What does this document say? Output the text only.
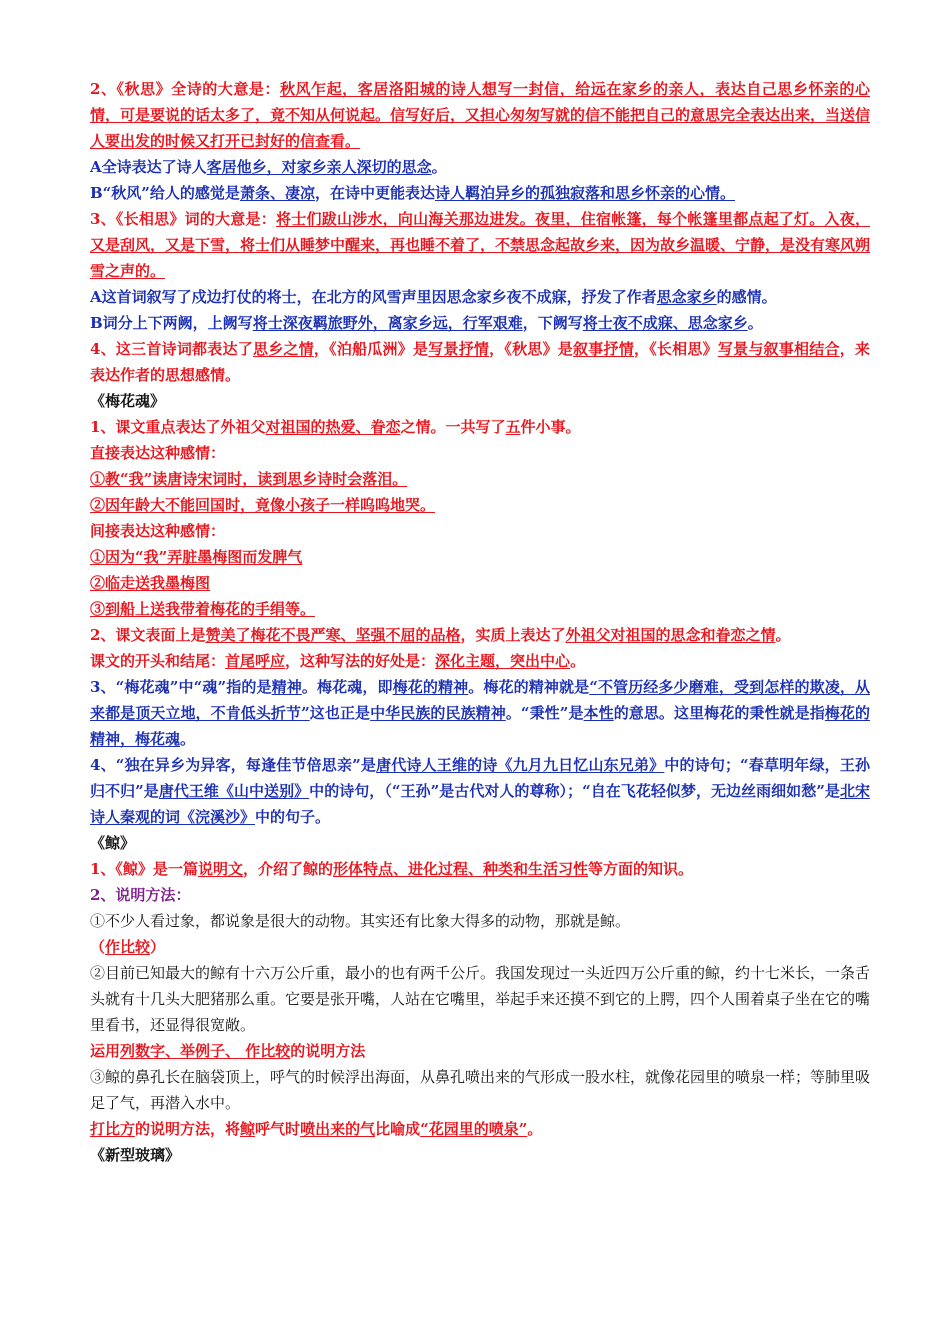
2、《秋思》全诗的大意是：秋风乍起，客居洛阳城的诗人想写一封信，给远在家乡的亲人，表达自己思乡怀亲的心情，可是要说的话太多了，竟不知从何说起。信写好后，又担心匆匆写就的信不能把自己的意思完全表达出来，当送信人要出发的时候又打开已封好的信查看。

A全诗表达了诗人客居他乡，对家乡亲人深切的思念。

B“秋风”给人的感觉是萧条、凄凉，在诗中更能表达诗人羁泊异乡的孤独寂落和思乡怀亲的心情。

3、《长相思》词的大意是：将士们跋山涉水，向山海关那边进发。夜里，住宿帐篷，每个帐篷里都点起了灯。入夜，又是刮风，又是下雪，将士们从睡梦中醒来，再也睡不着了，不禁思念起故乡来，因为故乡温暖、宁静，是没有寒风朔雪之声的。

A这首词叙写了戍边打仗的将士，在北方的风雪声里因思念家乡夜不成寐，抒发了作者思念家乡的感情。

B词分上下两阙，上阙写将士深夜羁旅野外，离家乡远，行军艰难，下阙写将士夜不成寐、思念家乡。

4、这三首诗词都表达了思乡之情，《泊船瓜洲》是写景抒情，《秋思》是叙事抒情，《长相思》写景与叙事相结合，来表达作者的思想感情。

《梅花魂》

1、课文重点表达了外祖父对祖国的热爱、眷恋之情。一共写了五件小事。

直接表达这种感情：

①教“我”读唐诗宋词时，读到思乡诗时会落泪。

②因年龄大不能回国时，竟像小孩子一样呜呜地哭。

间接表达这种感情：

①因为“我”弄脏墨梅图而发脾气

②临走送我墨梅图

③到船上送我带着梅花的手绢等。

2、课文表面上是赞美了梅花不畏严寒、坚强不屈的品格，实质上表达了外祖父对祖国的思念和眷恋之情。

课文的开头和结尾：首尾呼应，这种写法的好处是：深化主题，突出中心。

3、“梅花魂”中“魂”指的是精神。梅花魂，即梅花的精神。梅花的精神就是“不管历经多少磨难，受到怎样的欺凌，从来都是顶天立地，不肯低头折节”这也正是中华民族的民族精神。“秉性”是本性的意思。这里梅花的秉性就是指梅花的精神，梅花魂。

4、“独在异乡为异客，每逢佳节倍思亲”是唐代诗人王维的诗《九月九日忆山东兄弟》中的诗句；“春草明年绿，王孙归不归”是唐代王维《山中送别》中的诗句，（“王孙”是古代对人的尊称）；“自在飞花轻似梦，无边丝雨细如愁”是北宋诗人秦观的词《浣溪沙》中的句子。

《鲸》

1、《鲸》是一篇说明文，介绍了鲸的形体特点、进化过程、种类和生活习性等方面的知识。

2、说明方法：

①不少人看过象，都说象是很大的动物。其实还有比象大得多的动物，那就是鲸。

（作比较）

②目前已知最大的鲸有十六万公斤重，最小的也有两千公斤。我国发现过一头近四万公斤重的鲸，约十七米长，一条舌头就有十几头大肥猪那么重。它要是张开嘴，人站在它嘴里，举起手来还摸不到它的上腭，四个人围着桌子坐在它的嘴里看书，还显得很宽敞。

运用列数字、举例子、 作比较的说明方法

③鲸的鼻孔长在脑袋顶上，呼气的时候浮出海面，从鼻孔喷出来的气形成一股水柱，就像花园里的喷泉一样；等肺里吸足了气，再潜入水中。

打比方的说明方法，将鲸呼气时喷出来的气比喻成“花园里的喷泉”。

《新型玻璃》
